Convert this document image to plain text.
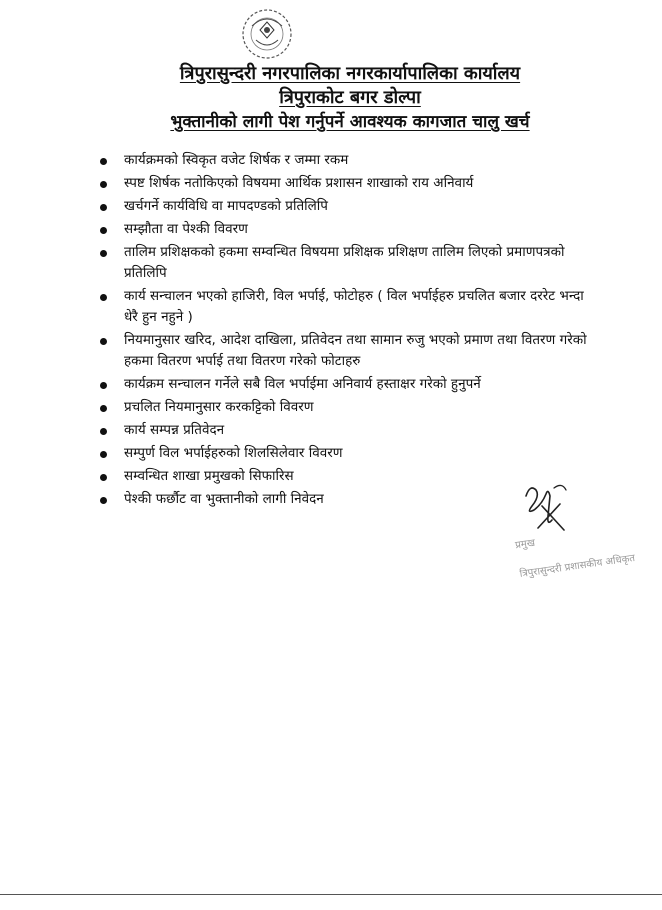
त्रिपुरासुन्दरी नगरपालिका नगरकार्यापालिका कार्यालय
त्रिपुराकोट बगर डोल्पा
भुक्तानीको लागी पेश गर्नुपर्ने आवश्यक कागजात चालु खर्च
कार्यक्रमको स्विकृत वजेट शिर्षक र जम्मा रकम
स्पष्ट शिर्षक नतोकिएको विषयमा आर्थिक प्रशासन शाखाको राय अनिवार्य
खर्चगर्ने कार्यविधि वा मापदण्डको प्रतिलिपि
सम्झौता वा पेश्की विवरण
तालिम प्रशिक्षकको हकमा सम्वन्धित विषयमा प्रशिक्षक प्रशिक्षण तालिम लिएको प्रमाणपत्रको प्रतिलिपि
कार्य सन्चालन भएको हाजिरी, विल भर्पाई, फोटोहरु ( विल भर्पाईहरु प्रचलित बजार दररेट भन्दा धेरै हुन नहुने )
नियमानुसार खरिद, आदेश दाखिला, प्रतिवेदन तथा सामान रुजु भएको प्रमाण तथा वितरण गरेको हकमा वितरण भर्पाई तथा वितरण गरेको फोटाहरु
कार्यक्रम सन्चालन गर्नेले सबै विल भर्पाईमा अनिवार्य हस्ताक्षर गरेको हुनुपर्ने
प्रचलित नियमानुसार करकट्टिको विवरण
कार्य सम्पन्न प्रतिवेदन
सम्पुर्ण विल भर्पाईहरुको शिलसिलेवार विवरण
सम्वन्धित शाखा प्रमुखको सिफारिस
पेश्की फर्छौट वा भुक्तानीको लागी निवेदन
प्रमुख
त्रिपुरासुन्दरी प्रशासकीय अधिकृत
